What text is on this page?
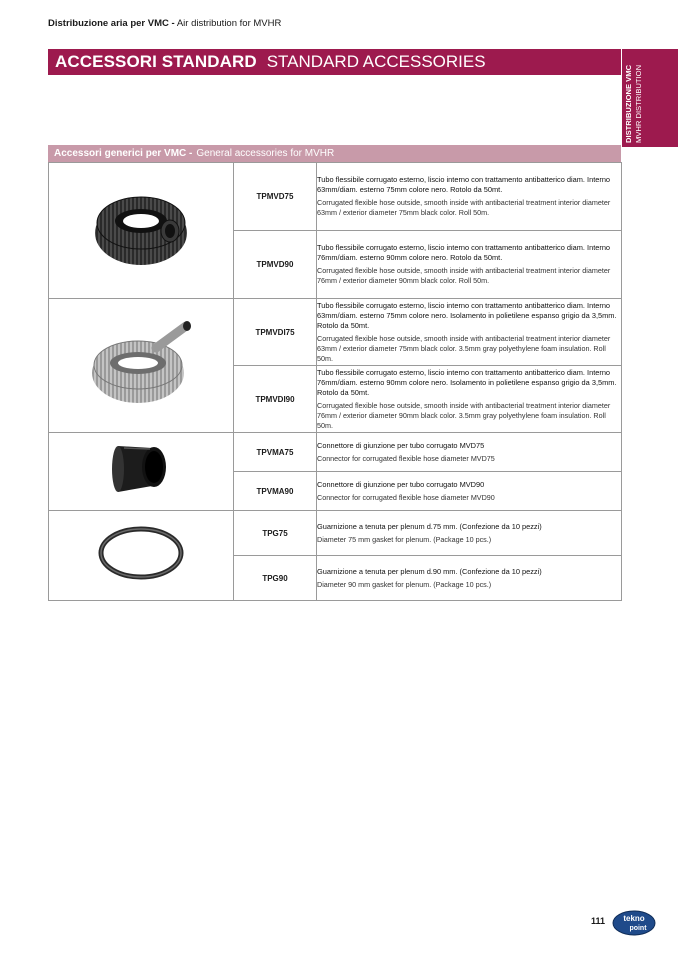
Distribuzione aria per VMC - Air distribution for MVHR
ACCESSORI STANDARD STANDARD ACCESSORIES
DISTRIBUZIONE VMC MVHR DISTRIBUTION
Accessori generici per VMC - General accessories for MVHR
	TPMVD75	Tubo flessibile corrugato esterno, liscio interno con trattamento antibatterico diam. Interno 63mm/diam. esterno 75mm colore nero. Rotolo da 50mt.
Corrugated flexible hose outside, smooth inside with antibacterial treatment interior diameter 63mm / exterior diameter 75mm black color. Roll 50m.

	TPMVD90	Tubo flessibile corrugato esterno, liscio interno con trattamento antibatterico diam. Interno 76mm/diam. esterno 90mm colore nero. Rotolo da 50mt.
Corrugated flexible hose outside, smooth inside with antibacterial treatment interior diameter 76mm / exterior diameter 90mm black color. Roll 50m.

	TPMVDI75	Tubo flessibile corrugato esterno, liscio interno con trattamento antibatterico diam. Interno 63mm/diam. esterno 75mm colore nero. Isolamento in polietilene espanso grigio da 3,5mm. Rotolo da 50mt.
Corrugated flexible hose outside, smooth inside with antibacterial treatment interior diameter 63mm / exterior diameter 75mm black color. 3.5mm gray polyethylene foam insulation. Roll 50m.

	TPMVDI90	Tubo flessibile corrugato esterno, liscio interno con trattamento antibatterico diam. Interno 76mm/diam. esterno 90mm colore nero. Isolamento in polietilene espanso grigio da 3,5mm. Rotolo da 50mt.
Corrugated flexible hose outside, smooth inside with antibacterial treatment interior diameter 76mm / exterior diameter 90mm black color. 3.5mm gray polyethylene foam insulation. Roll 50m.

	TPVMA75	Connettore di giunzione per tubo corrugato MVD75
Connector for corrugated flexible hose diameter MVD75

	TPVMA90	Connettore di giunzione per tubo corrugato MVD90
Connector for corrugated flexible hose diameter MVD90

	TPG75	Guarnizione a tenuta per plenum d.75 mm. (Confezione da 10 pezzi)
Diameter 75 mm gasket for plenum. (Package 10 pcs.)

	TPG90	Guarnizione a tenuta per plenum d.90 mm. (Confezione da 10 pezzi)
Diameter 90 mm gasket for plenum. (Package 10 pcs.)
111 tekno
point
